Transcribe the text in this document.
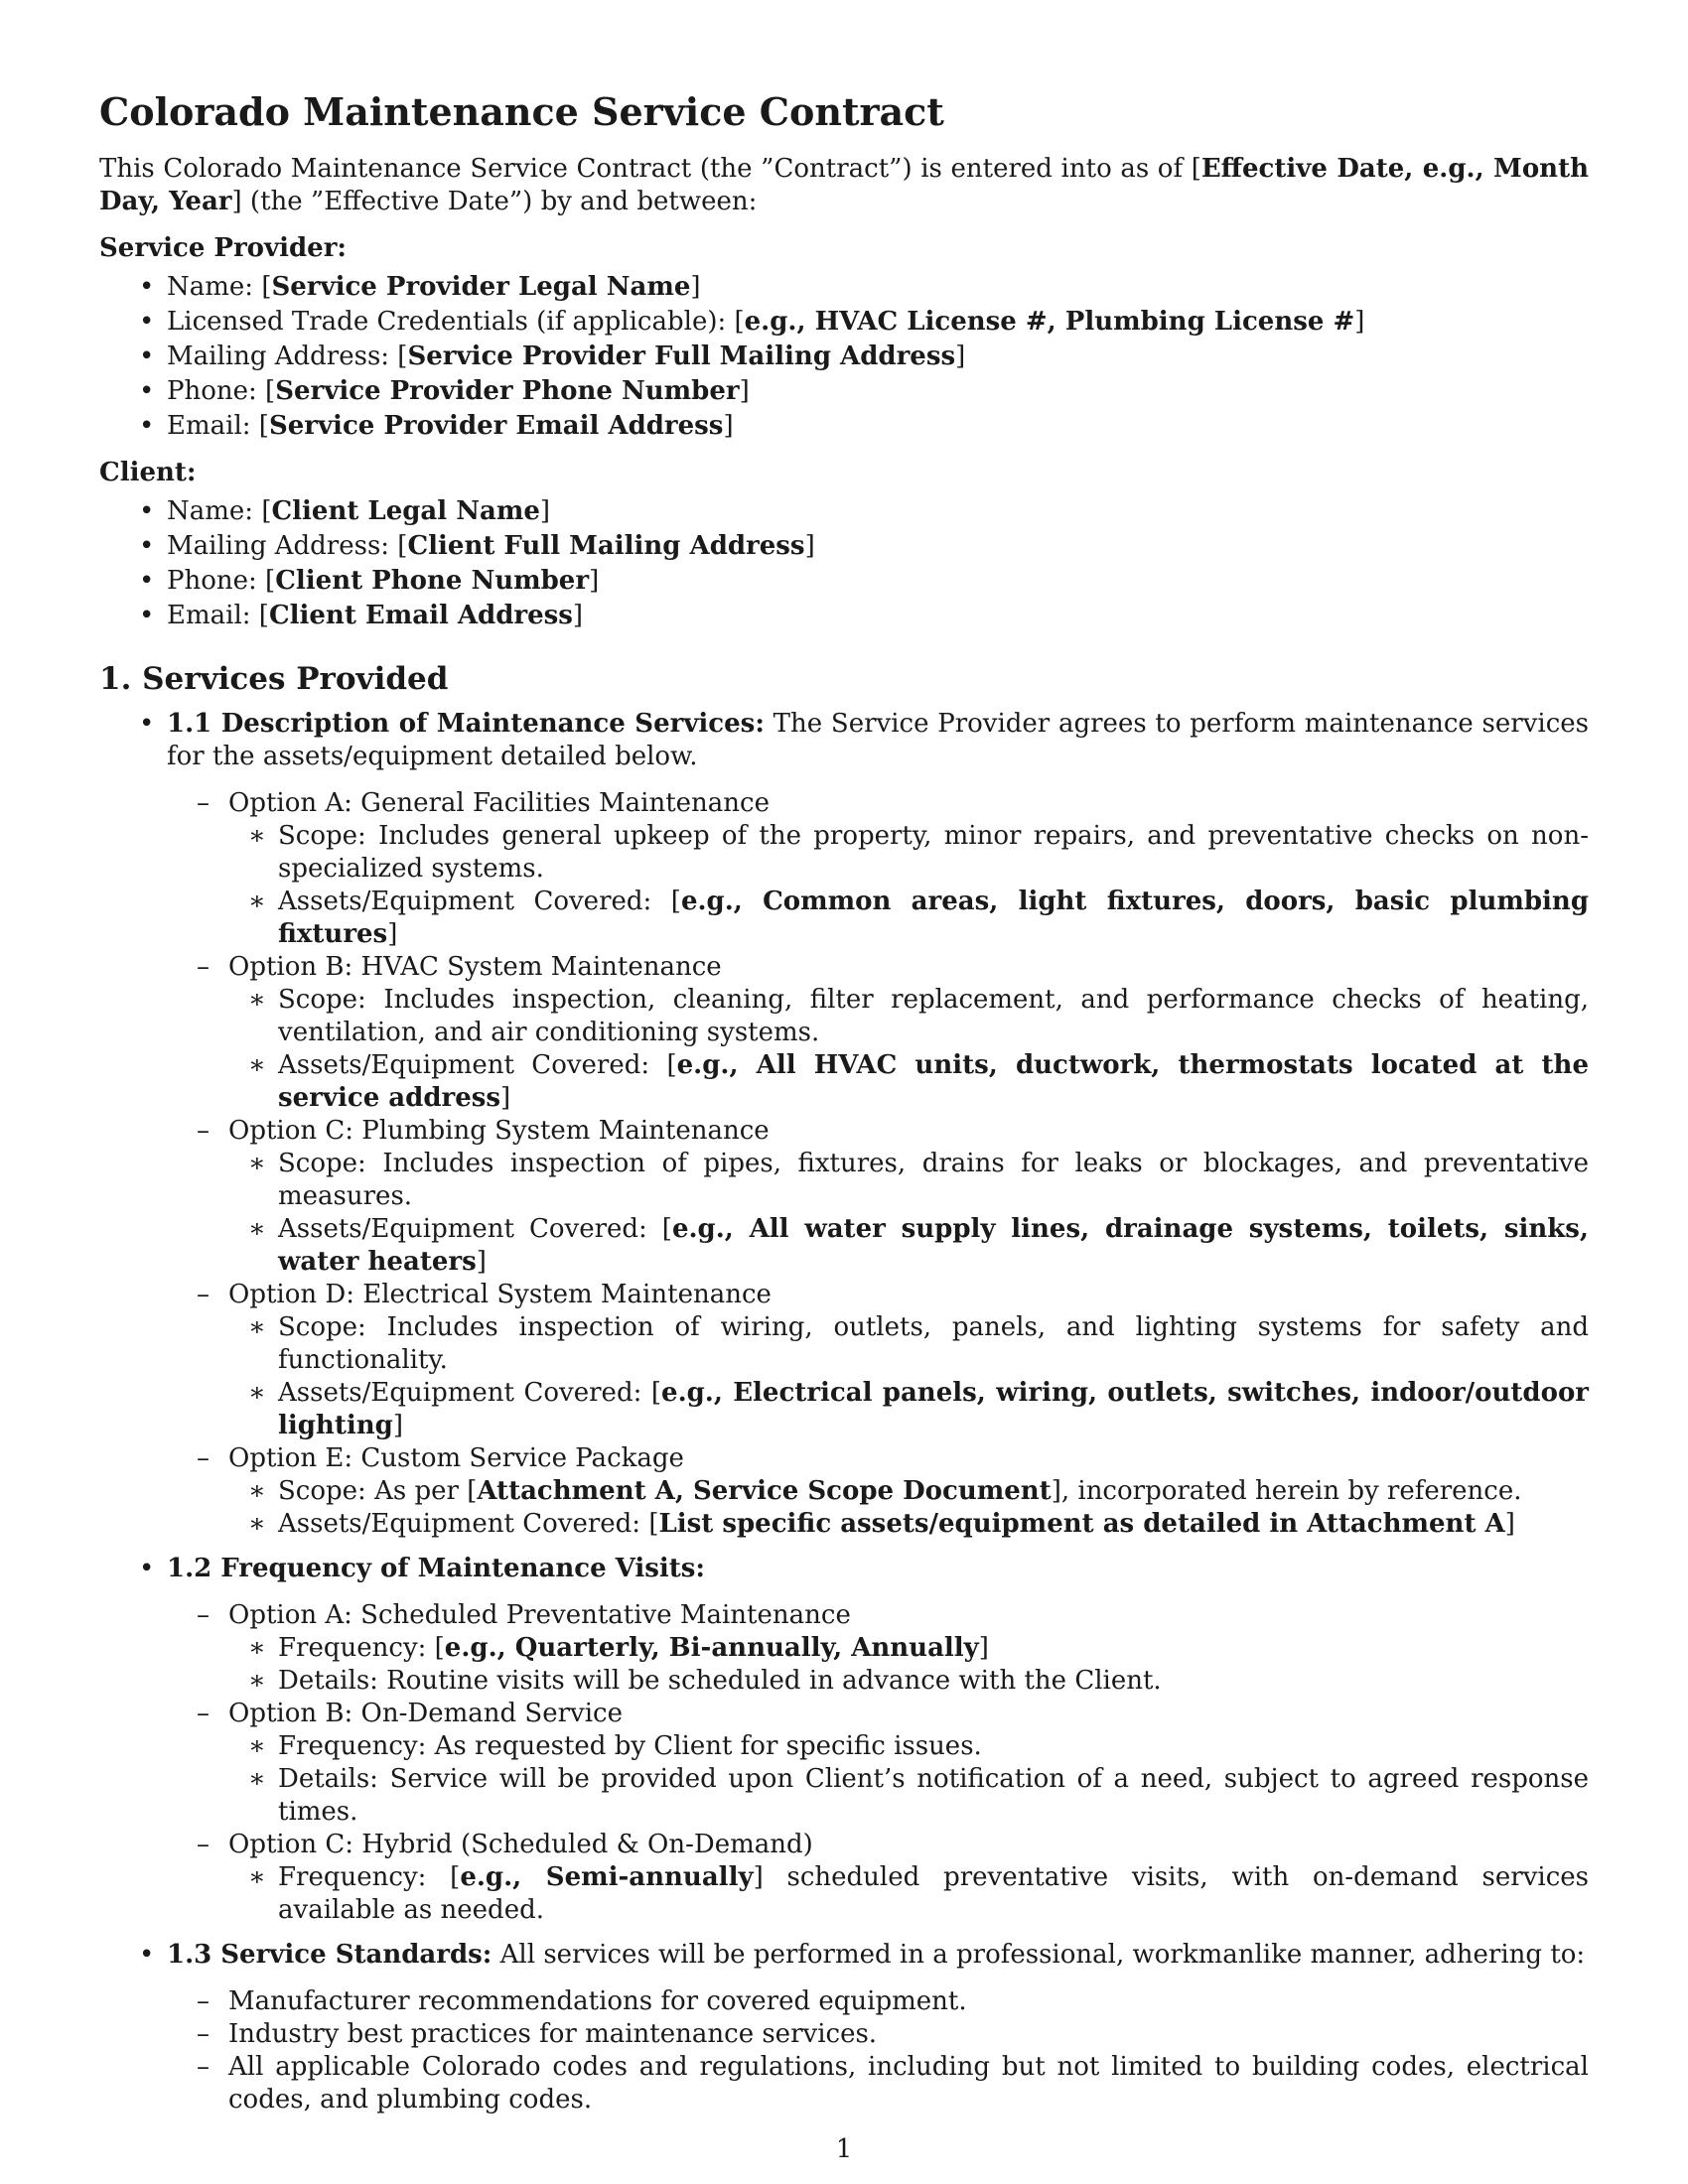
Colorado Maintenance Service Contract

This Colorado Maintenance Service Contract (the ”Contract”) is entered into as of [Effective Date, e.g., Month Day, Year] (the ”Effective Date”) by and between:

Service Provider:
• Name: [Service Provider Legal Name]
• Licensed Trade Credentials (if applicable): [e.g., HVAC License #, Plumbing License #]
• Mailing Address: [Service Provider Full Mailing Address]
• Phone: [Service Provider Phone Number]
• Email: [Service Provider Email Address]
Client:
• Name: [Client Legal Name]
• Mailing Address: [Client Full Mailing Address]
• Phone: [Client Phone Number]
• Email: [Client Email Address]
1. Services Provided
• 1.1 Description of Maintenance Services: The Service Provider agrees to perform maintenance services for the assets/equipment detailed below.
– Option A: General Facilities Maintenance
∗ Scope: Includes general upkeep of the property, minor repairs, and preventative checks on non-specialized systems.
∗ Assets/Equipment Covered: [e.g., Common areas, light fixtures, doors, basic plumbing fixtures]
– Option B: HVAC System Maintenance
∗ Scope: Includes inspection, cleaning, filter replacement, and performance checks of heating, ventilation, and air conditioning systems.
∗ Assets/Equipment Covered: [e.g., All HVAC units, ductwork, thermostats located at the service address]
– Option C: Plumbing System Maintenance
∗ Scope: Includes inspection of pipes, fixtures, drains for leaks or blockages, and preventative measures.
∗ Assets/Equipment Covered: [e.g., All water supply lines, drainage systems, toilets, sinks, water heaters]
– Option D: Electrical System Maintenance
∗ Scope: Includes inspection of wiring, outlets, panels, and lighting systems for safety and functionality.
∗ Assets/Equipment Covered: [e.g., Electrical panels, wiring, outlets, switches, indoor/outdoor lighting]
– Option E: Custom Service Package
∗ Scope: As per [Attachment A, Service Scope Document], incorporated herein by reference.
∗ Assets/Equipment Covered: [List specific assets/equipment as detailed in Attachment A]
• 1.2 Frequency of Maintenance Visits:
– Option A: Scheduled Preventative Maintenance
∗ Frequency: [e.g., Quarterly, Bi-annually, Annually]
∗ Details: Routine visits will be scheduled in advance with the Client.
– Option B: On-Demand Service
∗ Frequency: As requested by Client for specific issues.
∗ Details: Service will be provided upon Client’s notification of a need, subject to agreed response times.
– Option C: Hybrid (Scheduled & On-Demand)
∗ Frequency: [e.g., Semi-annually] scheduled preventative visits, with on-demand services available as needed.
• 1.3 Service Standards: All services will be performed in a professional, workmanlike manner, adhering to:
– Manufacturer recommendations for covered equipment.
– Industry best practices for maintenance services.
– All applicable Colorado codes and regulations, including but not limited to building codes, electrical codes, and plumbing codes.
1
